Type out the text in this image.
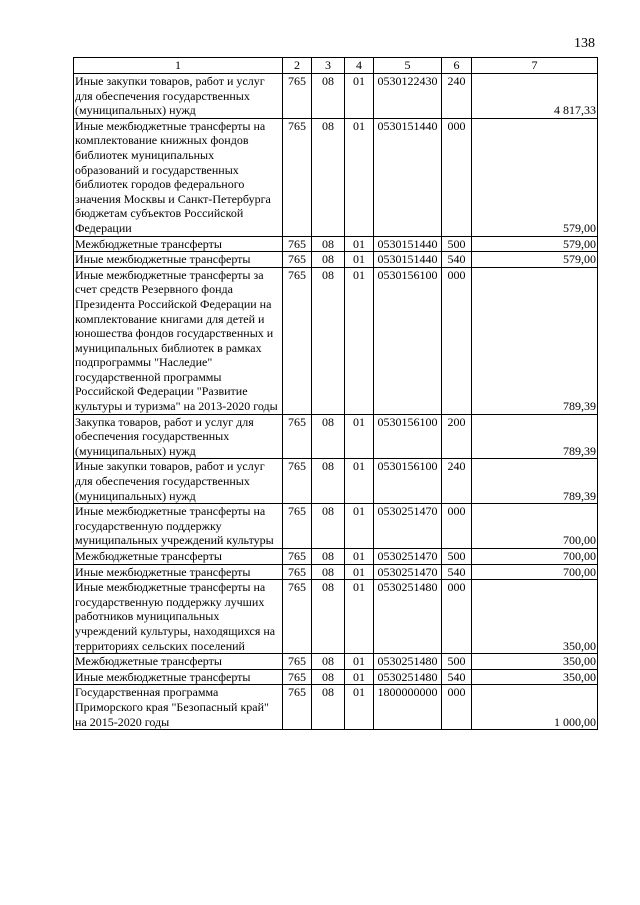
138
1	2	3	4	5	6	7
Иные закупки товаров, работ и услуг для обеспечения государственных (муниципальных) нужд	765	08	01	0530122430	240	4 817,33
Иные межбюджетные трансферты на комплектование книжных фондов библиотек муниципальных образований и государственных библиотек городов федерального значения Москвы и Санкт-Петербурга бюджетам субъектов Российской Федерации	765	08	01	0530151440	000	579,00
Межбюджетные трансферты	765	08	01	0530151440	500	579,00
Иные межбюджетные трансферты	765	08	01	0530151440	540	579,00
Иные межбюджетные трансферты за счет средств Резервного фонда Президента Российской Федерации на комплектование книгами для детей и юношества фондов государственных и муниципальных библиотек в рамках подпрограммы "Наследие" государственной программы Российской Федерации "Развитие культуры и туризма" на 2013-2020 годы	765	08	01	0530156100	000	789,39
Закупка товаров, работ и услуг для обеспечения государственных (муниципальных) нужд	765	08	01	0530156100	200	789,39
Иные закупки товаров, работ и услуг для обеспечения государственных (муниципальных) нужд	765	08	01	0530156100	240	789,39
Иные межбюджетные трансферты на государственную поддержку муниципальных учреждений культуры	765	08	01	0530251470	000	700,00
Межбюджетные трансферты	765	08	01	0530251470	500	700,00
Иные межбюджетные трансферты	765	08	01	0530251470	540	700,00
Иные межбюджетные трансферты на государственную поддержку лучших работников муниципальных учреждений культуры, находящихся на территориях сельских поселений	765	08	01	0530251480	000	350,00
Межбюджетные трансферты	765	08	01	0530251480	500	350,00
Иные межбюджетные трансферты	765	08	01	0530251480	540	350,00
Государственная программа Приморского края "Безопасный край" на 2015-2020 годы	765	08	01	1800000000	000	1 000,00
